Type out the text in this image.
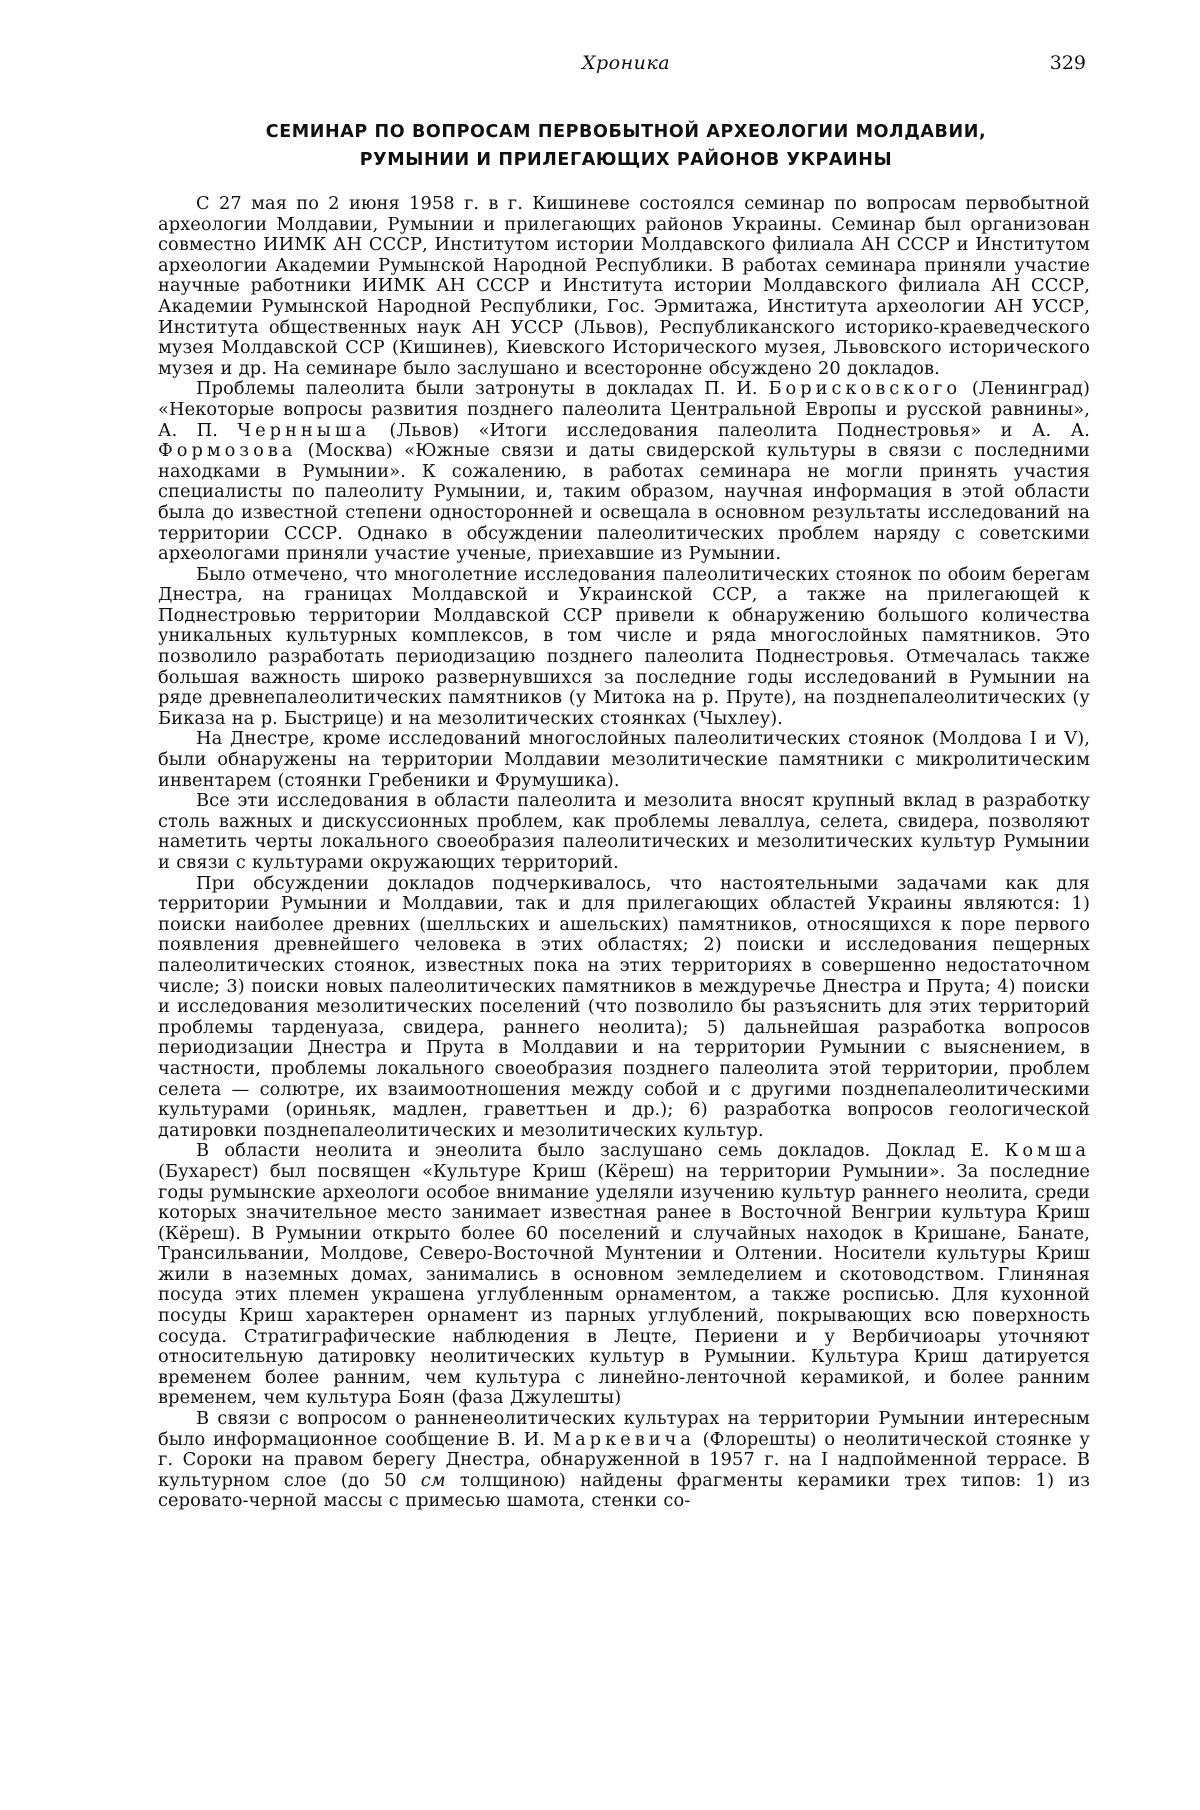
Хроника	329
СЕМИНАР ПО ВОПРОСАМ ПЕРВОБЫТНОЙ АРХЕОЛОГИИ МОЛДАВИИ,
РУМЫНИИ И ПРИЛЕГАЮЩИХ РАЙОНОВ УКРАИНЫ

С 27 мая по 2 июня 1958 г. в г. Кишиневе состоялся семинар по вопросам первобытной археологии Молдавии, Румынии и прилегающих районов Украины. Семинар был организован совместно ИИМК АН СССР, Институтом истории Молдавского филиала АН СССР и Институтом археологии Академии Румынской Народной Республики. В работах семинара приняли участие научные работники ИИМК АН СССР и Института истории Молдавского филиала АН СССР, Академии Румынской Народной Республики, Гос. Эрмитажа, Института археологии АН УССР, Института общественных наук АН УССР (Львов), Республиканского историко-краеведческого музея Молдавской ССР (Кишинев), Киевского Исторического музея, Львовского исторического музея и др. На семинаре было заслушано и всесторонне обсуждено 20 докладов.

Проблемы палеолита были затронуты в докладах П. И. Борисковского (Ленинград) «Некоторые вопросы развития позднего палеолита Центральной Европы и русской равнины», А. П. Чернныша (Львов) «Итоги исследования палеолита Поднестровья» и А. А. Формозова (Москва) «Южные связи и даты свидерской культуры в связи с последними находками в Румынии». К сожалению, в работах семинара не могли принять участия специалисты по палеолиту Румынии, и, таким образом, научная информация в этой области была до известной степени односторонней и освещала в основном результаты исследований на территории СССР. Однако в обсуждении палеолитических проблем наряду с советскими археологами приняли участие ученые, приехавшие из Румынии.

Было отмечено, что многолетние исследования палеолитических стоянок по обоим берегам Днестра, на границах Молдавской и Украинской ССР, а также на прилегающей к Поднестровью территории Молдавской ССР привели к обнаружению большого количества уникальных культурных комплексов, в том числе и ряда многослойных памятников. Это позволило разработать периодизацию позднего палеолита Поднестровья. Отмечалась также большая важность широко развернувшихся за последние годы исследований в Румынии на ряде древнепалеолитических памятников (у Митока на р. Пруте), на позднепалеолитических (у Биказа на р. Быстрице) и на мезолитических стоянках (Чыхлеу).

На Днестре, кроме исследований многослойных палеолитических стоянок (Молдова I и V), были обнаружены на территории Молдавии мезолитические памятники с микролитическим инвентарем (стоянки Гребеники и Фрумушика).

Все эти исследования в области палеолита и мезолита вносят крупный вклад в разработку столь важных и дискуссионных проблем, как проблемы леваллуа, селета, свидера, позволяют наметить черты локального своеобразия палеолитических и мезолитических культур Румынии и связи с культурами окружающих территорий.

При обсуждении докладов подчеркивалось, что настоятельными задачами как для территории Румынии и Молдавии, так и для прилегающих областей Украины являются: 1) поиски наиболее древних (шелльских и ашельских) памятников, относящихся к поре первого появления древнейшего человека в этих областях; 2) поиски и исследования пещерных палеолитических стоянок, известных пока на этих территориях в совершенно недостаточном числе; 3) поиски новых палеолитических памятников в междуречье Днестра и Прута; 4) поиски и исследования мезолитических поселений (что позволило бы разъяснить для этих территорий проблемы тарденуаза, свидера, раннего неолита); 5) дальнейшая разработка вопросов периодизации Днестра и Прута в Молдавии и на территории Румынии с выяснением, в частности, проблемы локального своеобразия позднего палеолита этой территории, проблем селета — солютре, их взаимоотношения между собой и с другими позднепалеолитическими культурами (ориньяк, мадлен, граветтьен и др.); 6) разработка вопросов геологической датировки позднепалеолитических и мезолитических культур.

В области неолита и энеолита было заслушано семь докладов. Доклад Е. Комша (Бухарест) был посвящен «Культуре Криш (Кёреш) на территории Румынии». За последние годы румынские археологи особое внимание уделяли изучению культур раннего неолита, среди которых значительное место занимает известная ранее в Восточной Венгрии культура Криш (Кёреш). В Румынии открыто более 60 поселений и случайных находок в Кришане, Банате, Трансильвании, Молдове, Северо-Восточной Мунтении и Олтении. Носители культуры Криш жили в наземных домах, занимались в основном земледелием и скотоводством. Глиняная посуда этих племен украшена углубленным орнаментом, а также росписью. Для кухонной посуды Криш характерен орнамент из парных углублений, покрывающих всю поверхность сосуда. Стратиграфические наблюдения в Лецте, Периени и у Вербичиоары уточняют относительную датировку неолитических культур в Румынии. Культура Криш датируется временем более ранним, чем культура с линейно-ленточной керамикой, и более ранним временем, чем культура Боян (фаза Джулешты)

В связи с вопросом о ранненеолитических культурах на территории Румынии интересным было информационное сообщение В. И. Маркевича (Флорешты) о неолитической стоянке у г. Сороки на правом берегу Днестра, обнаруженной в 1957 г. на I надпойменной террасе. В культурном слое (до 50 см толщиною) найдены фрагменты керамики трех типов: 1) из серовато-черной массы с примесью шамота, стенки со-
